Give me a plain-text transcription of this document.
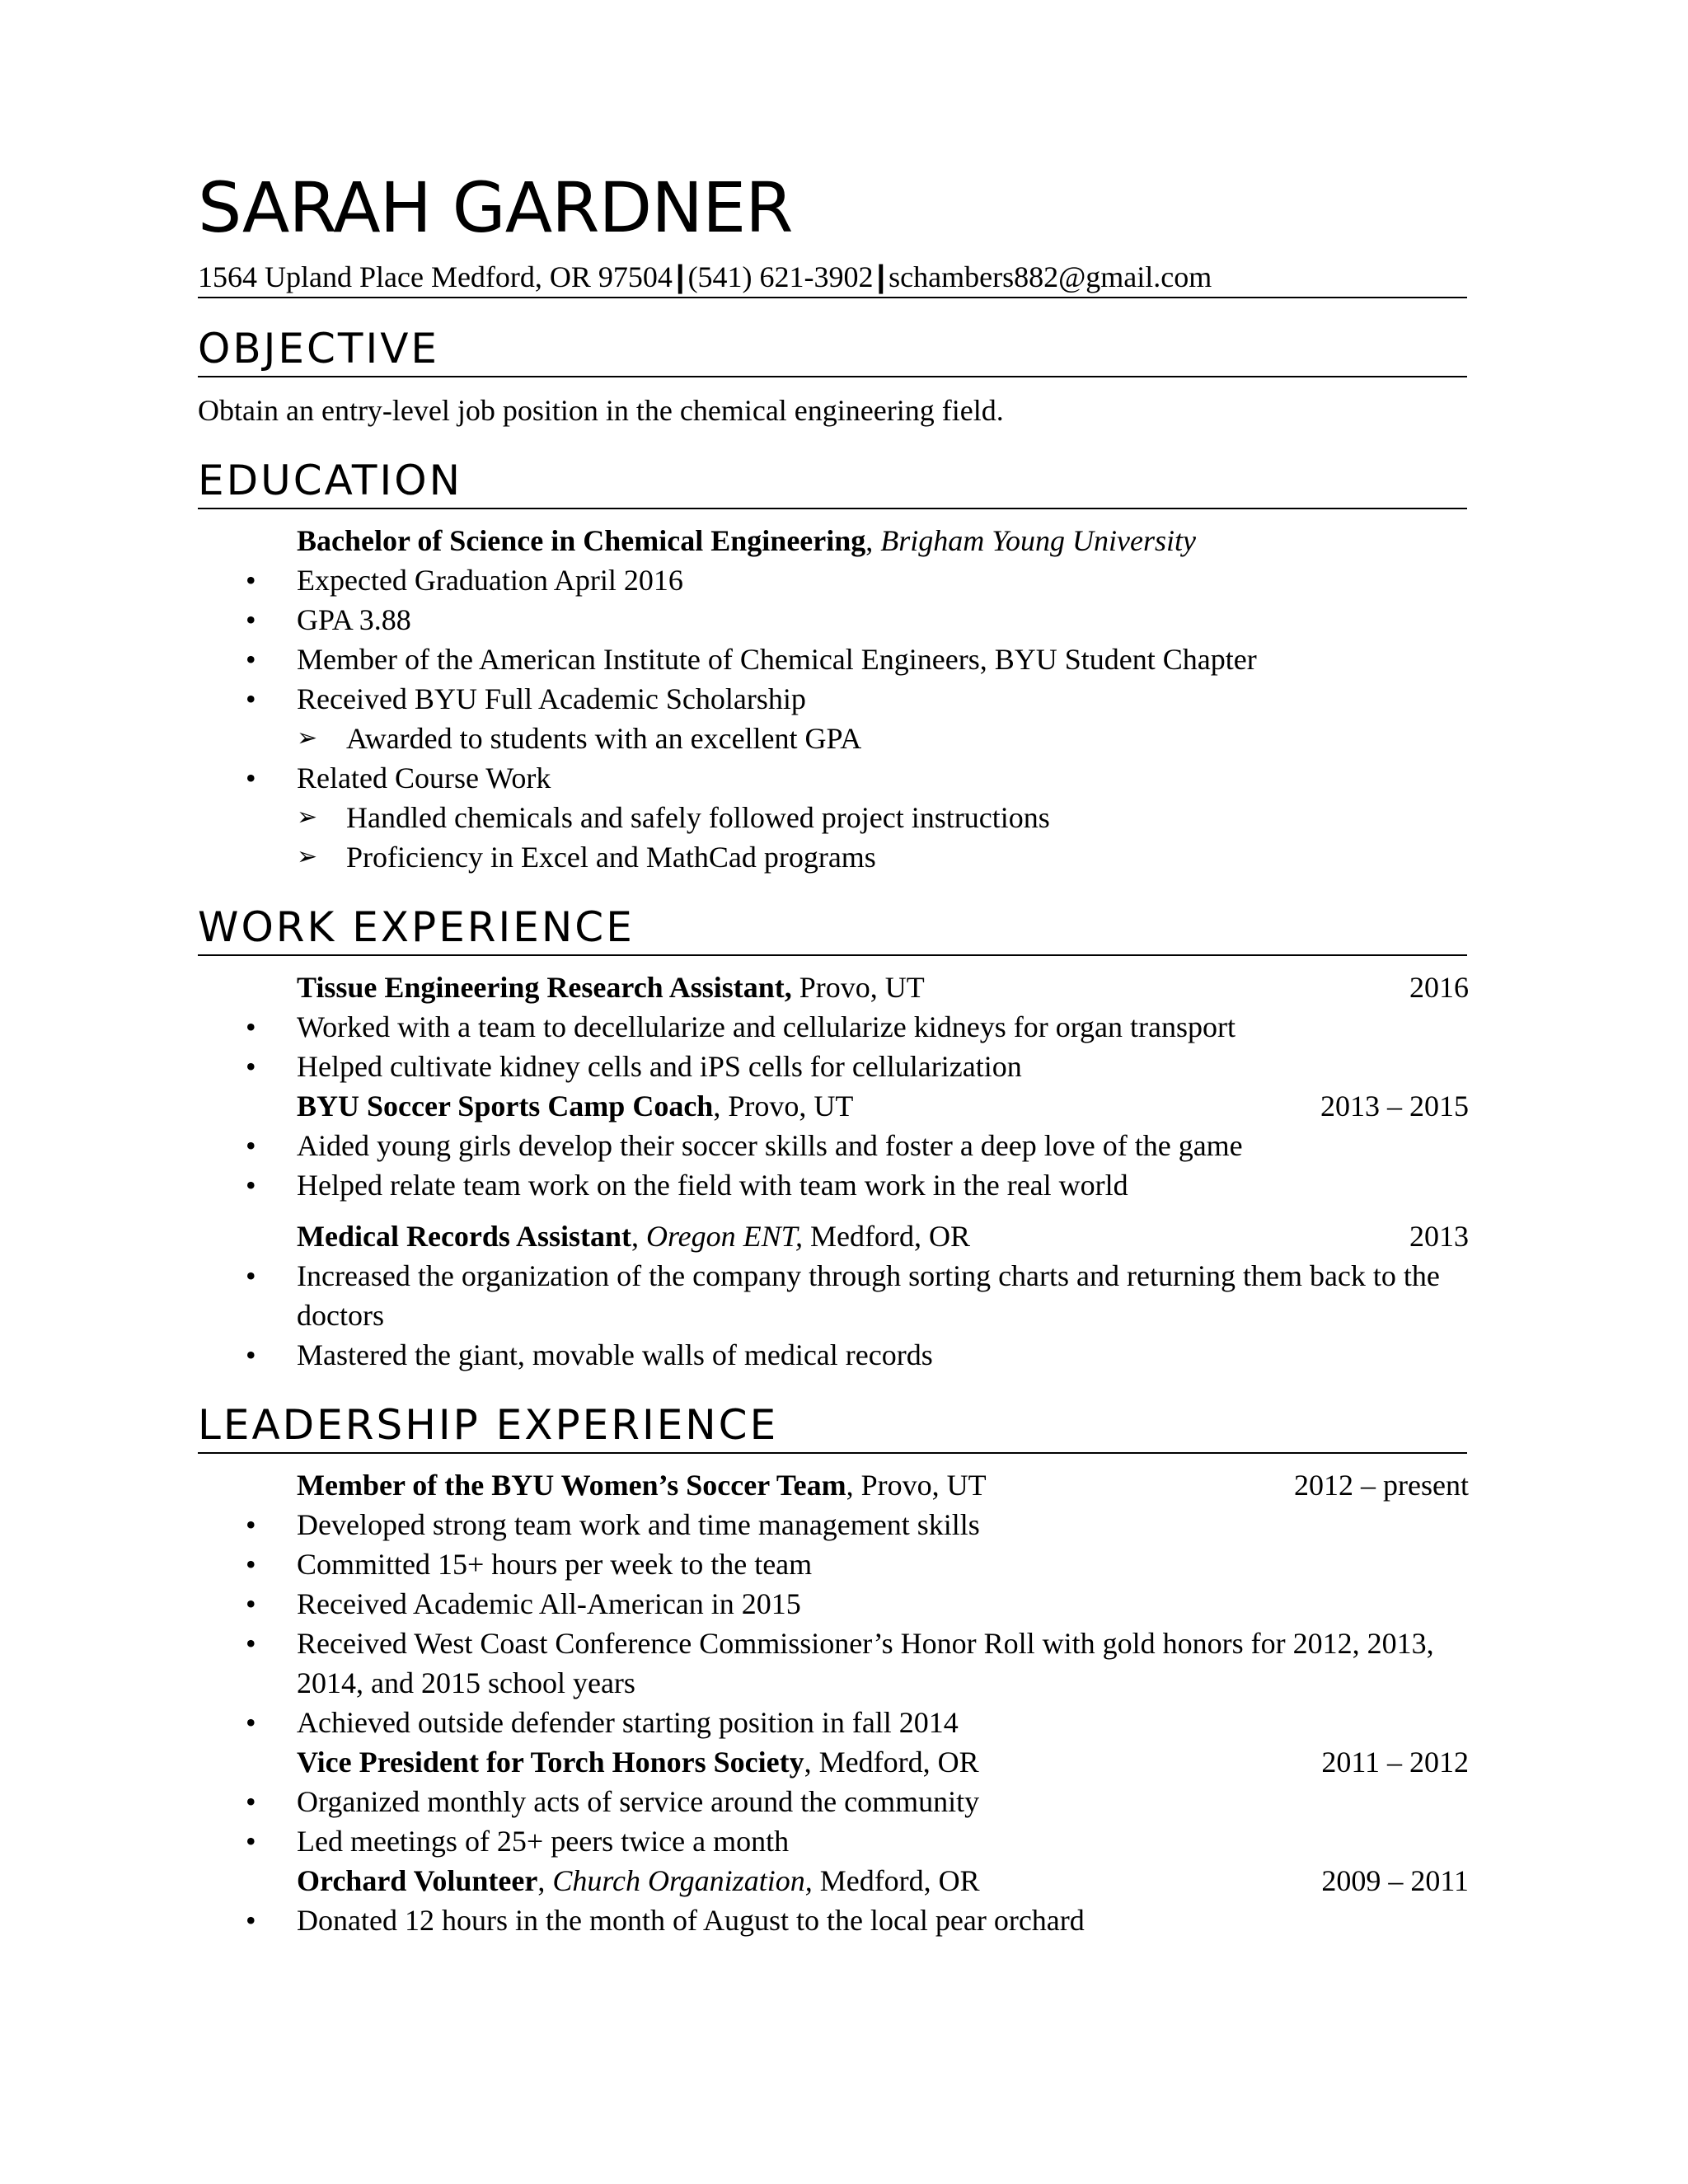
SARAH GARDNER
1564 Upland Place Medford, OR 97504 | (541) 621-3902 | schambers882@gmail.com
OBJECTIVE
Obtain an entry-level job position in the chemical engineering field.
EDUCATION
Bachelor of Science in Chemical Engineering, Brigham Young University
• Expected Graduation April 2016
• GPA 3.88
• Member of the American Institute of Chemical Engineers, BYU Student Chapter
• Received BYU Full Academic Scholarship
➢ Awarded to students with an excellent GPA
• Related Course Work
➢ Handled chemicals and safely followed project instructions
➢ Proficiency in Excel and MathCad programs
WORK EXPERIENCE
Tissue Engineering Research Assistant, Provo, UT	2016
• Worked with a team to decellularize and cellularize kidneys for organ transport
• Helped cultivate kidney cells and iPS cells for cellularization
BYU Soccer Sports Camp Coach, Provo, UT	2013 – 2015
• Aided young girls develop their soccer skills and foster a deep love of the game
• Helped relate team work on the field with team work in the real world
Medical Records Assistant, Oregon ENT, Medford, OR	2013
• Increased the organization of the company through sorting charts and returning them back to the doctors
• Mastered the giant, movable walls of medical records
LEADERSHIP EXPERIENCE
Member of the BYU Women’s Soccer Team, Provo, UT	2012 – present
• Developed strong team work and time management skills
• Committed 15+ hours per week to the team
• Received Academic All-American in 2015
• Received West Coast Conference Commissioner’s Honor Roll with gold honors for 2012, 2013, 2014, and 2015 school years
• Achieved outside defender starting position in fall 2014
Vice President for Torch Honors Society, Medford, OR	2011 – 2012
• Organized monthly acts of service around the community
• Led meetings of 25+ peers twice a month
Orchard Volunteer, Church Organization, Medford, OR	2009 – 2011
• Donated 12 hours in the month of August to the local pear orchard
